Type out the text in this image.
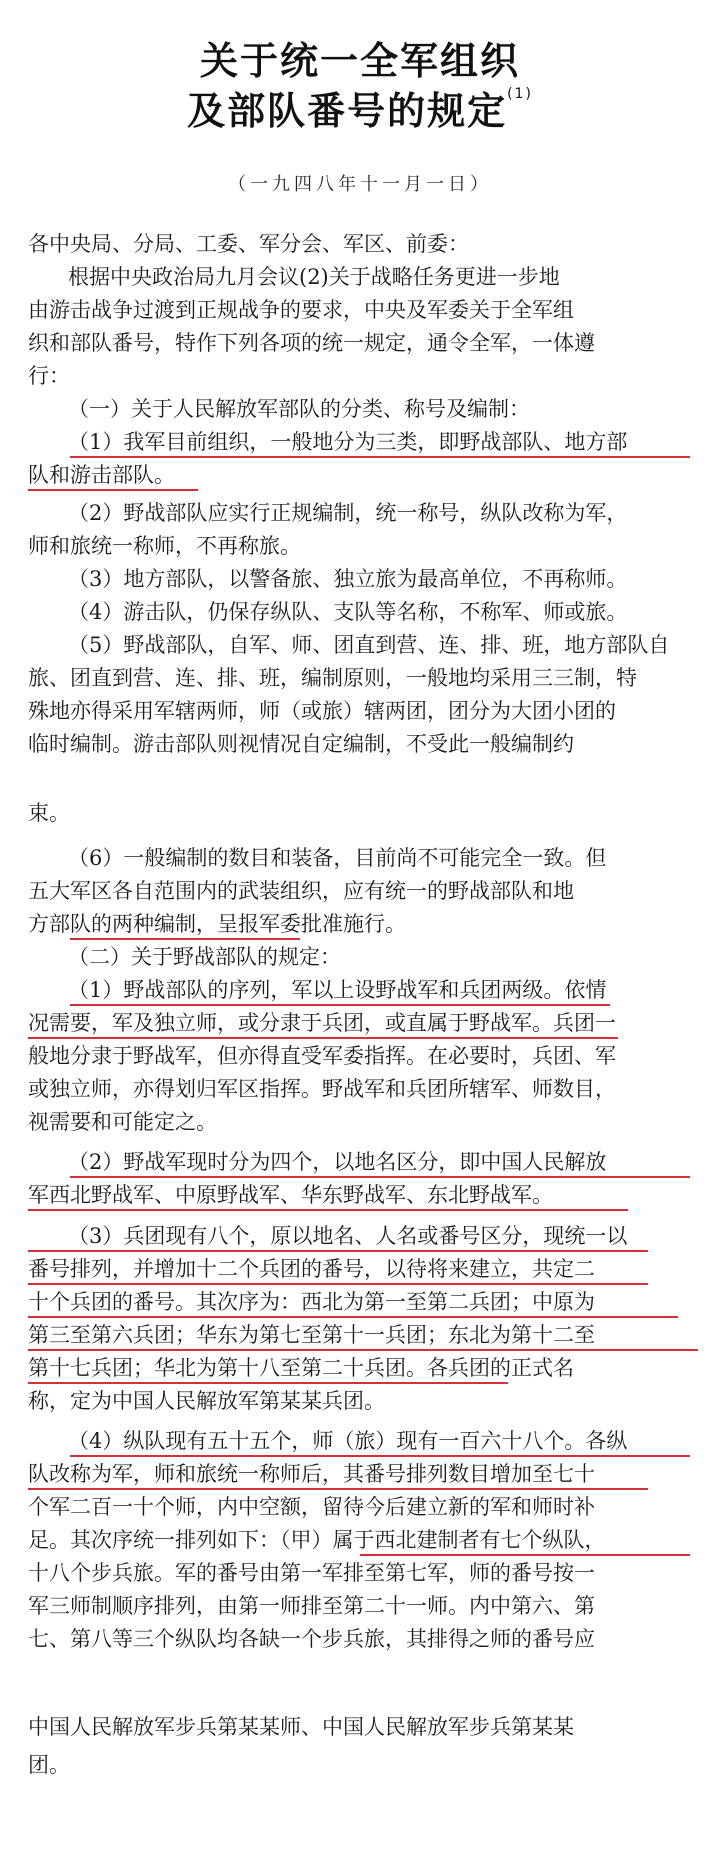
关于统一全军组织
及部队番号的规定$^{(1)}$
（一九四八年十一月一日）
各中央局、分局、工委、军分会、军区、前委：
根据中央政治局九月会议(2)关于战略任务更进一步地
由游击战争过渡到正规战争的要求，中央及军委关于全军组
织和部队番号，特作下列各项的统一规定，通令全军，一体遵
行：
（一）关于人民解放军部队的分类、称号及编制：
（1）我军目前组织，一般地分为三类，即野战部队、地方部
队和游击部队。
（2）野战部队应实行正规编制，统一称号，纵队改称为军，
师和旅统一称师，不再称旅。
（3）地方部队，以警备旅、独立旅为最高单位，不再称师。
（4）游击队，仍保存纵队、支队等名称，不称军、师或旅。
（5）野战部队，自军、师、团直到营、连、排、班，地方部队自
旅、团直到营、连、排、班，编制原则，一般地均采用三三制，特
殊地亦得采用军辖两师，师（或旅）辖两团，团分为大团小团的
临时编制。游击部队则视情况自定编制，不受此一般编制约
束。
（6）一般编制的数目和装备，目前尚不可能完全一致。但
五大军区各自范围内的武装组织，应有统一的野战部队和地
方部队的两种编制，呈报军委批准施行。
（二）关于野战部队的规定：
（1）野战部队的序列，军以上设野战军和兵团两级。依情
况需要，军及独立师，或分隶于兵团，或直属于野战军。兵团一
般地分隶于野战军，但亦得直受军委指挥。在必要时，兵团、军
或独立师，亦得划归军区指挥。野战军和兵团所辖军、师数目，
视需要和可能定之。
（2）野战军现时分为四个，以地名区分，即中国人民解放
军西北野战军、中原野战军、华东野战军、东北野战军。
（3）兵团现有八个，原以地名、人名或番号区分，现统一以
番号排列，并增加十二个兵团的番号，以待将来建立，共定二
十个兵团的番号。其次序为：西北为第一至第二兵团；中原为
第三至第六兵团；华东为第七至第十一兵团；东北为第十二至
第十七兵团；华北为第十八至第二十兵团。各兵团的正式名
称，定为中国人民解放军第某某兵团。
（4）纵队现有五十五个，师（旅）现有一百六十八个。各纵
队改称为军，师和旅统一称师后，其番号排列数目增加至七十
个军二百一十个师，内中空额，留待今后建立新的军和师时补
足。其次序统一排列如下：（甲）属于西北建制者有七个纵队，
十八个步兵旅。军的番号由第一军排至第七军，师的番号按一
军三师制顺序排列，由第一师排至第二十一师。内中第六、第
七、第八等三个纵队均各缺一个步兵旅，其排得之师的番号应
中国人民解放军步兵第某某师、中国人民解放军步兵第某某
团。
